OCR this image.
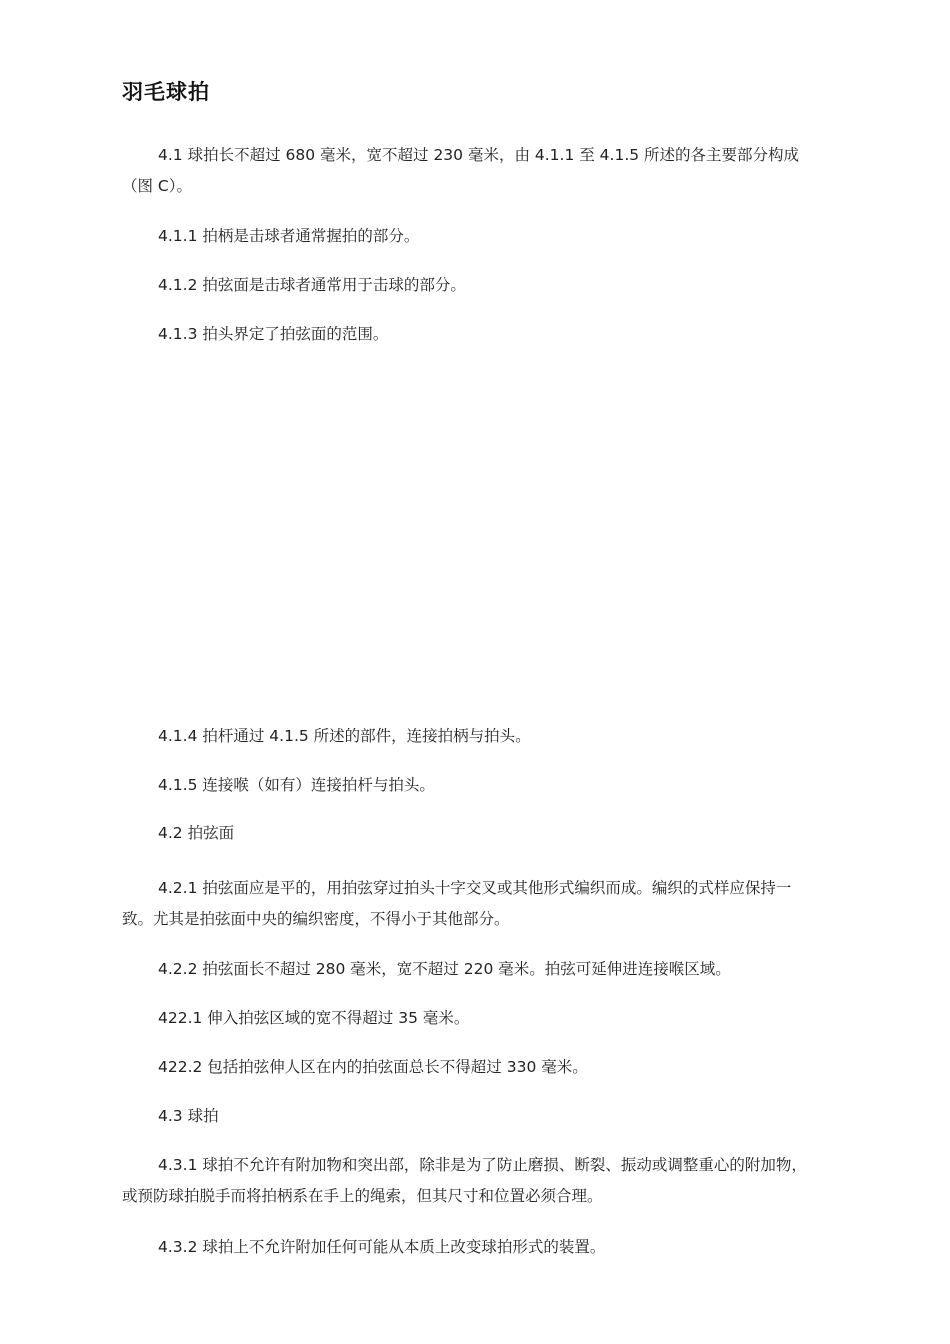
羽毛球拍

4.1 球拍长不超过 680 毫米，宽不超过 230 毫米，由 4.1.1 至 4.1.5 所述的各主要部分构成（图 C）。

4.1.1 拍柄是击球者通常握拍的部分。

4.1.2 拍弦面是击球者通常用于击球的部分。

4.1.3 拍头界定了拍弦面的范围。

4.1.4 拍杆通过 4.1.5 所述的部件，连接拍柄与拍头。

4.1.5 连接喉（如有）连接拍杆与拍头。

4.2 拍弦面

4.2.1 拍弦面应是平的，用拍弦穿过拍头十字交叉或其他形式编织而成。编织的式样应保持一致。尤其是拍弦面中央的编织密度，不得小于其他部分。

4.2.2 拍弦面长不超过 280 毫米，宽不超过 220 毫米。拍弦可延伸进连接喉区域。

422.1 伸入拍弦区域的宽不得超过 35 毫米。

422.2 包括拍弦伸人区在内的拍弦面总长不得超过 330 毫米。

4.3 球拍

4.3.1 球拍不允许有附加物和突出部，除非是为了防止磨损、断裂、振动或调整重心的附加物，或预防球拍脱手而将拍柄系在手上的绳索，但其尺寸和位置必须合理。

4.3.2 球拍上不允许附加任何可能从本质上改变球拍形式的装置。
